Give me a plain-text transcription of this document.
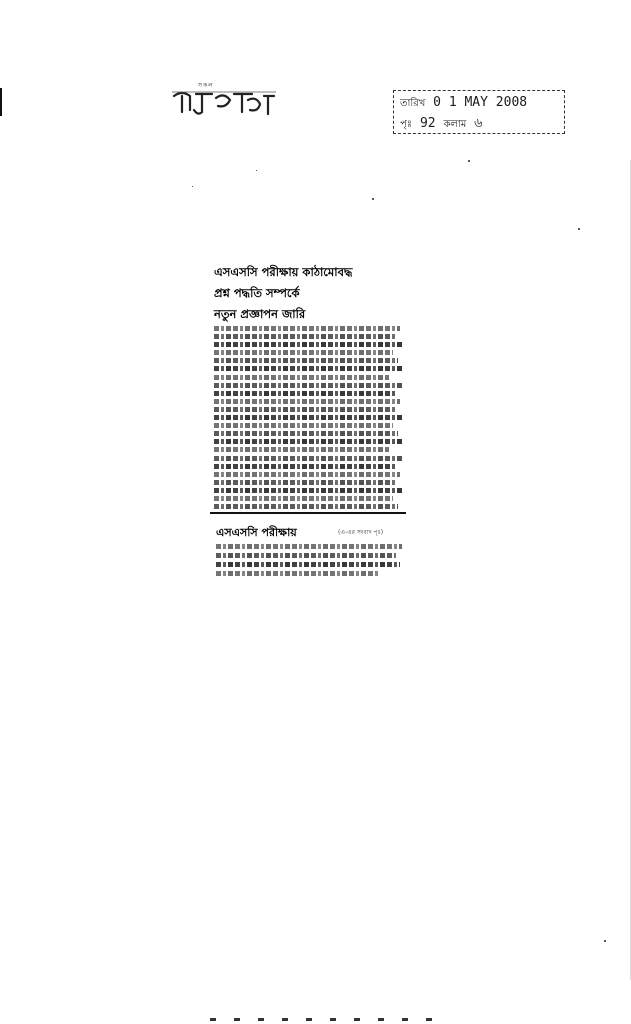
সকল
তারিখ 0 1 MAY 2008
পৃঃ 92 কলাম ৬
এসএসসি পরীক্ষায় কাঠামোবদ্ধ
প্রশ্ন পদ্ধতি সম্পর্কে
নতুন প্রজ্ঞাপন জারি
এসএসসি পরীক্ষায়	(এ-এর সংবাদ পৃঃ)
